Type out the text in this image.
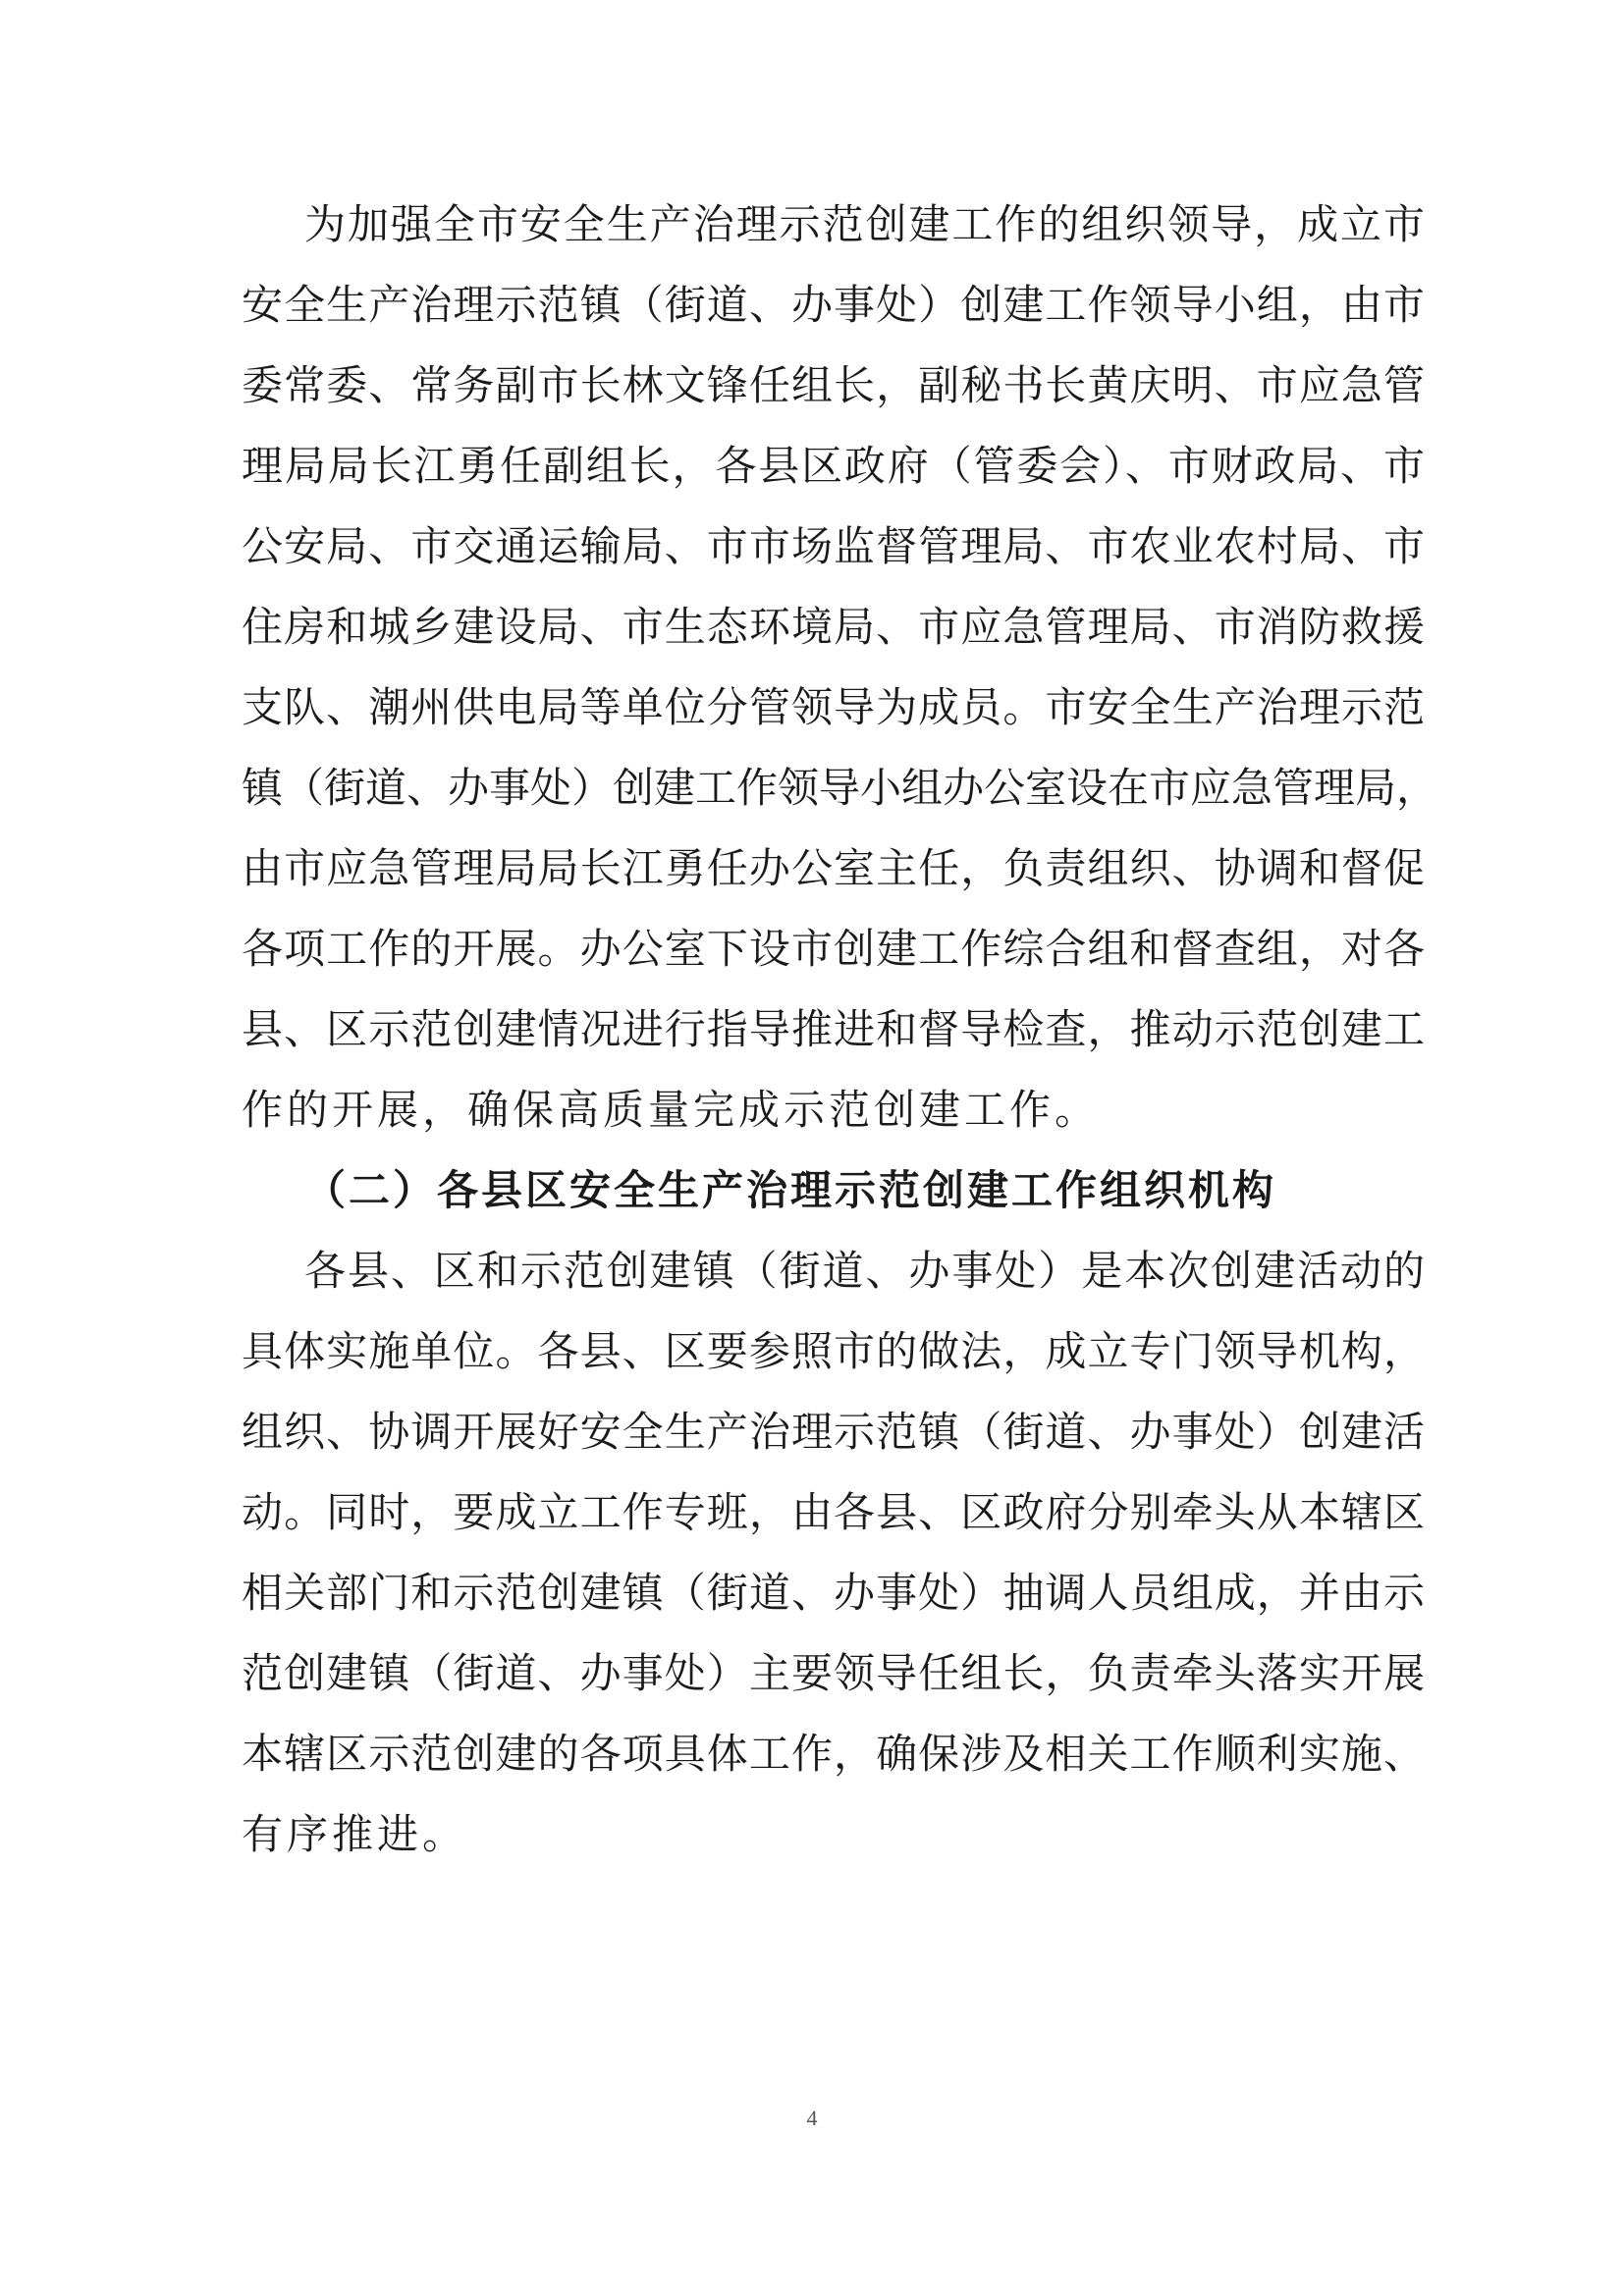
为加强全市安全生产治理示范创建工作的组织领导，成立市
安全生产治理示范镇（街道、办事处）创建工作领导小组，由市
委常委、常务副市长林文锋任组长，副秘书长黄庆明、市应急管
理局局长江勇任副组长，各县区政府（管委会）、市财政局、市
公安局、市交通运输局、市市场监督管理局、市农业农村局、市
住房和城乡建设局、市生态环境局、市应急管理局、市消防救援
支队、潮州供电局等单位分管领导为成员。市安全生产治理示范
镇（街道、办事处）创建工作领导小组办公室设在市应急管理局，
由市应急管理局局长江勇任办公室主任，负责组织、协调和督促
各项工作的开展。办公室下设市创建工作综合组和督查组，对各
县、区示范创建情况进行指导推进和督导检查，推动示范创建工
作的开展，确保高质量完成示范创建工作。
（二）各县区安全生产治理示范创建工作组织机构
各县、区和示范创建镇（街道、办事处）是本次创建活动的
具体实施单位。各县、区要参照市的做法，成立专门领导机构，
组织、协调开展好安全生产治理示范镇（街道、办事处）创建活
动。同时，要成立工作专班，由各县、区政府分别牵头从本辖区
相关部门和示范创建镇（街道、办事处）抽调人员组成，并由示
范创建镇（街道、办事处）主要领导任组长，负责牵头落实开展
本辖区示范创建的各项具体工作，确保涉及相关工作顺利实施、
有序推进。
4
